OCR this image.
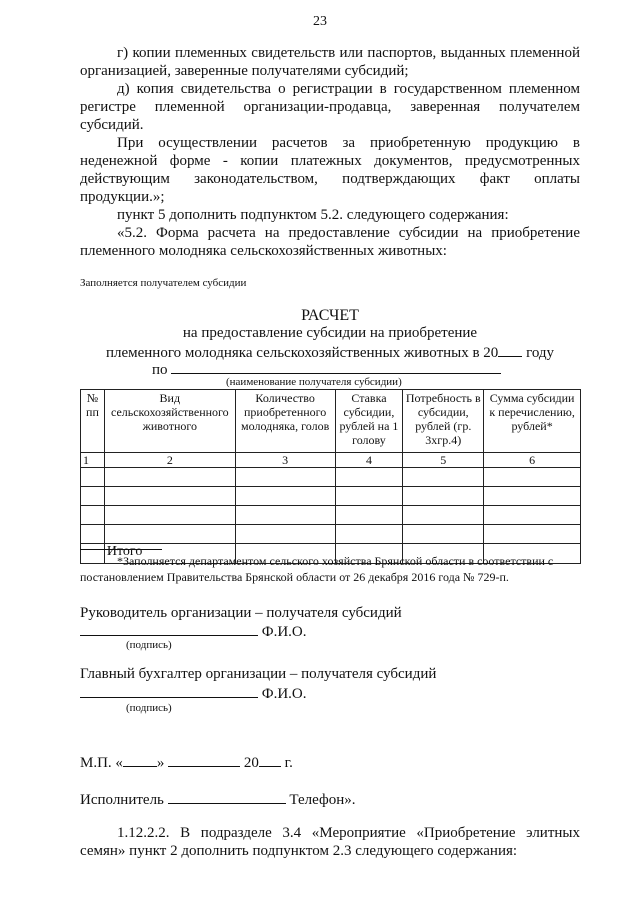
23

г) копии племенных свидетельств или паспортов, выданных племенной организацией, заверенные получателями субсидий;

д) копия свидетельства о регистрации в государственном племенном регистре племенной организации-продавца, заверенная получателем субсидий.

При осуществлении расчетов за приобретенную продукцию в неденежной форме - копии платежных документов, предусмотренных действующим законодательством, подтверждающих факт оплаты продукции.»;

пункт 5 дополнить подпунктом 5.2. следующего содержания:

«5.2. Форма расчета на предоставление субсидии на приобретение племенного молодняка сельскохозяйственных животных:

Заполняется получателем субсидии
РАСЧЕТ
на предоставление субсидии на приобретение
племенного молодняка сельскохозяйственных животных в 20 году
по
(наименование получателя субсидии)
№ пп	Вид сельскохозяйственного животного	Количество приобретенного молодняка, голов	Ставка субсидии, рублей на 1 голову	Потребность в субсидии, рублей (гр. 3хгр.4)	Сумма субсидии к перечислению, рублей*
1	2	3	4	5	6

	Итого				

*Заполняется департаментом сельского хозяйства Брянской области в соответствии с постановлением Правительства Брянской области от 26 декабря 2016 года № 729-п.

Руководитель организации – получателя субсидий
Ф.И.О.
(подпись)
Главный бухгалтер организации – получателя субсидий
Ф.И.О.
(подпись)
М.П. « »	20 г.
Исполнитель	Телефон».

1.12.2.2. В подразделе 3.4 «Мероприятие «Приобретение элитных семян» пункт 2 дополнить подпунктом 2.3 следующего содержания:
